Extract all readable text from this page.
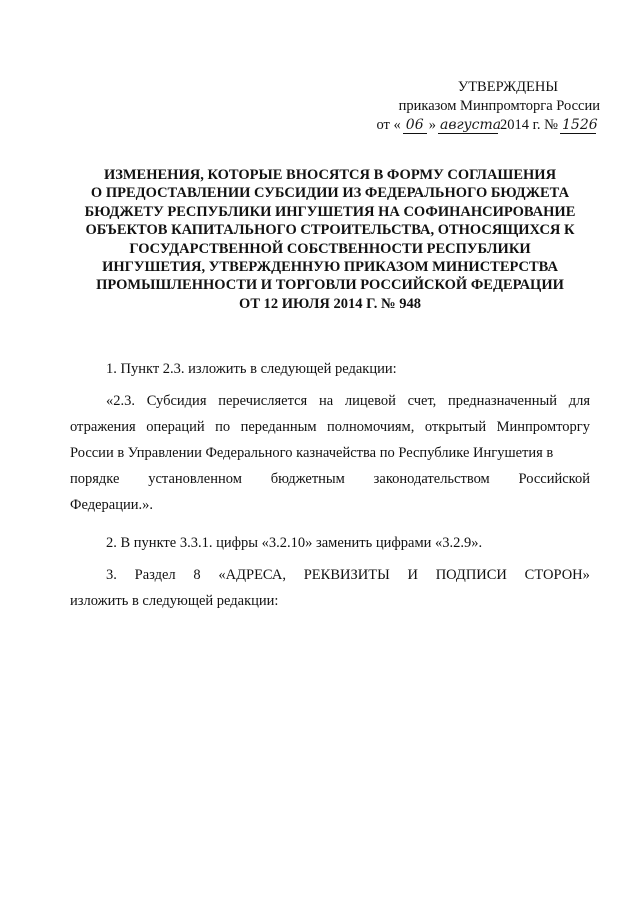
УТВЕРЖДЕНЫ
приказом Минпромторга России
от « 06 » августа
2014 г. № 1526
ИЗМЕНЕНИЯ, КОТОРЫЕ ВНОСЯТСЯ В ФОРМУ СОГЛАШЕНИЯ
О ПРЕДОСТАВЛЕНИИ СУБСИДИИ ИЗ ФЕДЕРАЛЬНОГО БЮДЖЕТА
БЮДЖЕТУ РЕСПУБЛИКИ ИНГУШЕТИЯ НА СОФИНАНСИРОВАНИЕ
ОБЪЕКТОВ КАПИТАЛЬНОГО СТРОИТЕЛЬСТВА, ОТНОСЯЩИХСЯ К
ГОСУДАРСТВЕННОЙ СОБСТВЕННОСТИ РЕСПУБЛИКИ
ИНГУШЕТИЯ, УТВЕРЖДЕННУЮ ПРИКАЗОМ МИНИСТЕРСТВА
ПРОМЫШЛЕННОСТИ И ТОРГОВЛИ РОССИЙСКОЙ ФЕДЕРАЦИИ
ОТ 12 ИЮЛЯ 2014 Г. № 948

1. Пункт 2.3. изложить в следующей редакции:

«2.3. Субсидия перечисляется на лицевой счет, предназначенный для отражения операций по переданным полномочиям, открытый Минпромторгу России в Управлении Федерального казначейства по Республике Ингушетия в

порядке установленном бюджетным законодательством Российской
Федерации.».

2. В пункте 3.3.1. цифры «3.2.10» заменить цифрами «3.2.9».

3. Раздел 8 «АДРЕСА, РЕКВИЗИТЫ И ПОДПИСИ СТОРОН»
изложить в следующей редакции:
